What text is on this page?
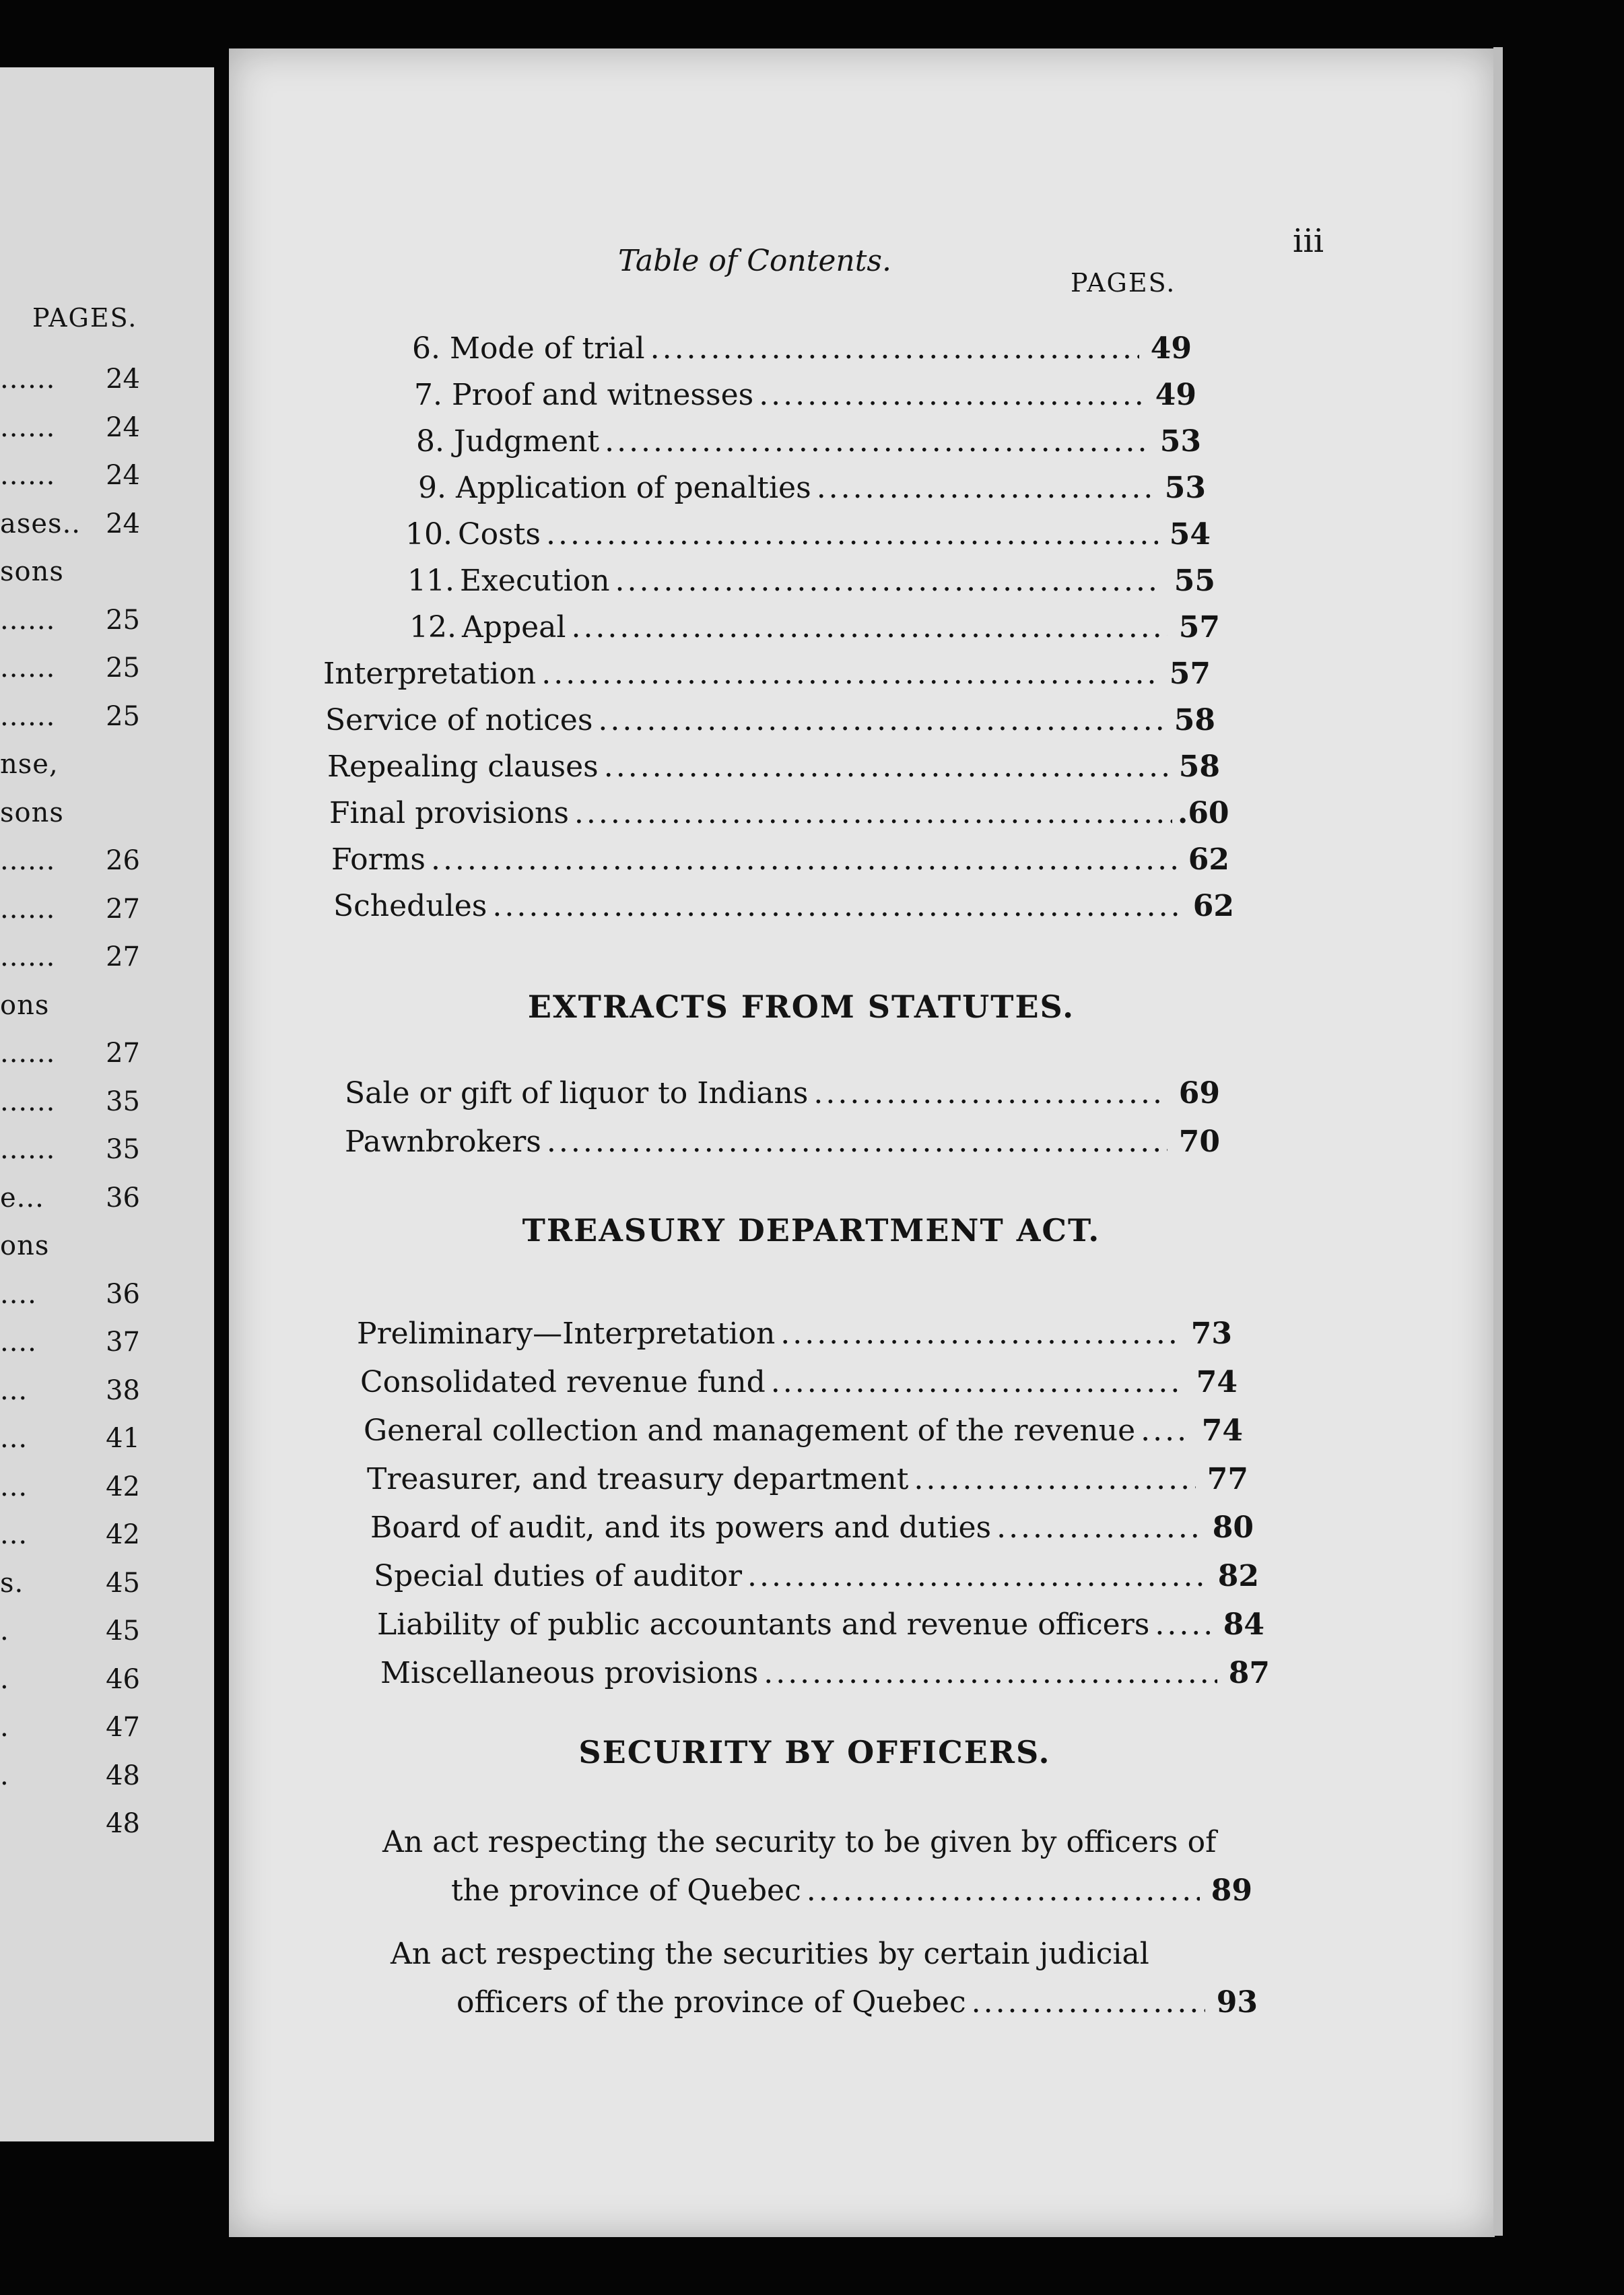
PAGES.
...... 24
...... 24
...... 24
ases.. 24
sons
...... 25
...... 25
...... 25
nse,
sons
...... 26
...... 27
...... 27
ons
...... 27
...... 35
...... 35
e... 36
ons
....	36
....	37
...	38
...	41
...	42
...	42
s.	45
.	45
.	46
.	47
.	48
48
Table of Contents.
iii
PAGES.
6. Mode of trial .....	49
7. Proof and witnesses .....	49
8. Judgment .....	53
9. Application of penalties .....	53
10. Costs .....	54
11. Execution .....	55
12. Appeal .....	57
Interpretation .....	57
Service of notices .....	58
Repealing clauses .....	58
Final provisions .....	.60
Forms .....	62
Schedules .....	62
EXTRACTS FROM STATUTES.
Sale or gift of liquor to Indians .....	69
Pawnbrokers .....	70
TREASURY DEPARTMENT ACT.
Preliminary—Interpretation .....	73
Consolidated revenue fund .....	74
General collection and management of the revenue ..... 74
Treasurer, and treasury department .....	77
Board of audit, and its powers and duties .....	80
Special duties of auditor .....	82
Liability of public accountants and revenue officers ..... 84
Miscellaneous provisions .....	87
SECURITY BY OFFICERS.
An act respecting the security to be given by officers of
the province of Quebec .....	89
An act respecting the securities by certain judicial
officers of the province of Quebec .....	93
